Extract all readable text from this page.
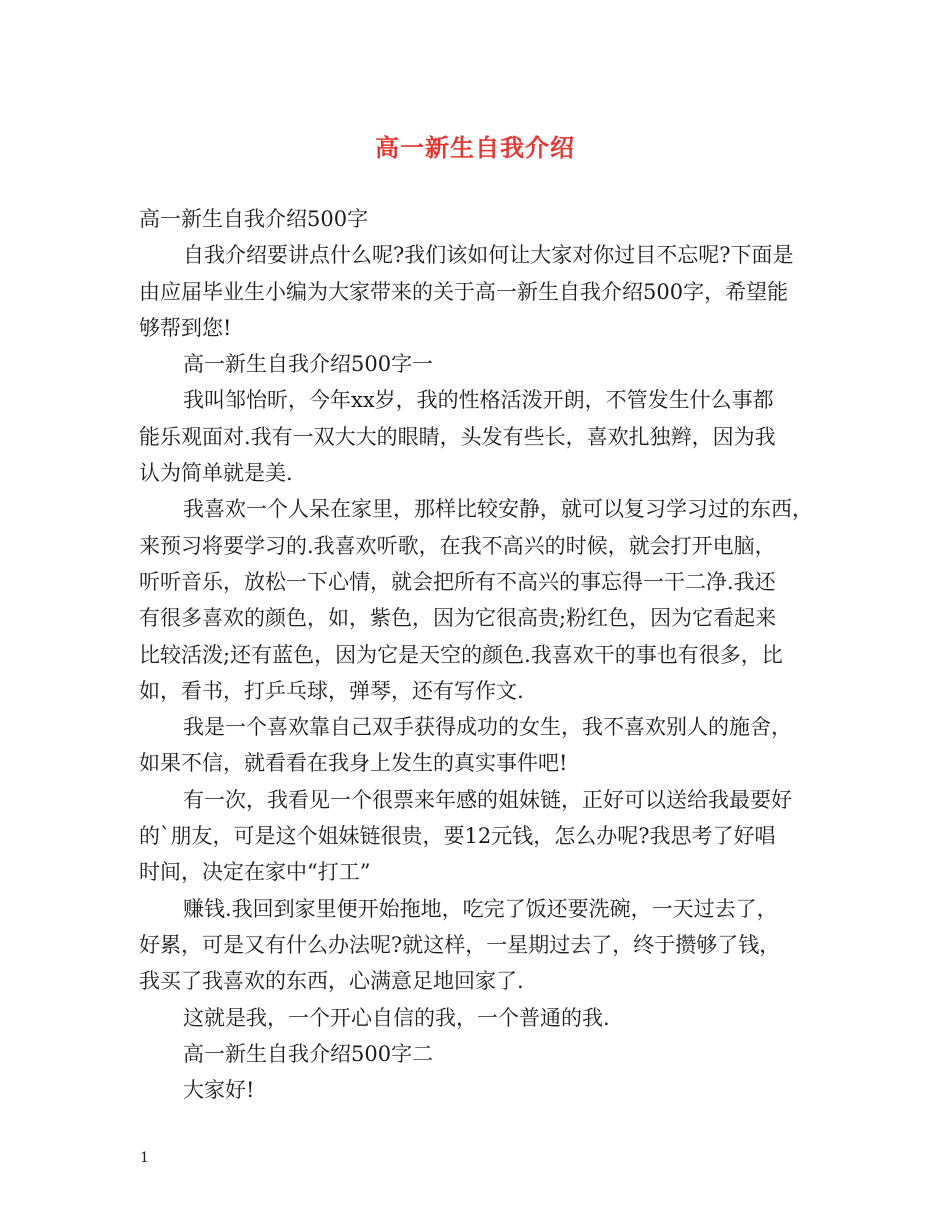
高一新生自我介绍
高一新生自我介绍500字
自我介绍要讲点什么呢?我们该如何让大家对你过目不忘呢?下面是
由应届毕业生小编为大家带来的关于高一新生自我介绍500字，希望能
够帮到您!
高一新生自我介绍500字一
我叫邹怡昕，今年xx岁，我的性格活泼开朗，不管发生什么事都
能乐观面对.我有一双大大的眼睛，头发有些长，喜欢扎独辫，因为我
认为简单就是美.
我喜欢一个人呆在家里，那样比较安静，就可以复习学习过的东西，
来预习将要学习的.我喜欢听歌，在我不高兴的时候，就会打开电脑，
听听音乐，放松一下心情，就会把所有不高兴的事忘得一干二净.我还
有很多喜欢的颜色，如，紫色，因为它很高贵;粉红色，因为它看起来
比较活泼;还有蓝色，因为它是天空的颜色.我喜欢干的事也有很多，比
如，看书，打乒乓球，弹琴，还有写作文.
我是一个喜欢靠自己双手获得成功的女生，我不喜欢别人的施舍，
如果不信，就看看在我身上发生的真实事件吧!
有一次，我看见一个很票来年感的姐妹链，正好可以送给我最要好
的`朋友，可是这个姐妹链很贵，要12元钱，怎么办呢?我思考了好唱
时间，决定在家中“打工”
赚钱.我回到家里便开始拖地，吃完了饭还要洗碗，一天过去了，
好累，可是又有什么办法呢?就这样，一星期过去了，终于攒够了钱，
我买了我喜欢的东西，心满意足地回家了.
这就是我，一个开心自信的我，一个普通的我.
高一新生自我介绍500字二
大家好!
1
